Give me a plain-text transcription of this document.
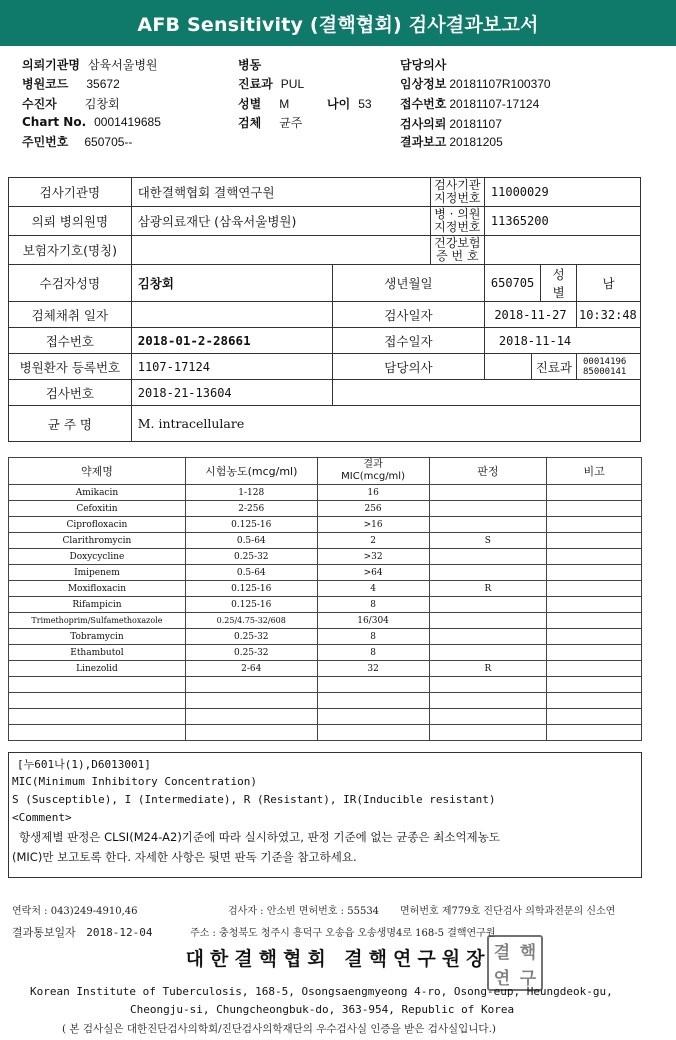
AFB Sensitivity (결핵협회) 검사결과보고서
의뢰기관명 삼육서울병원
병원코드 35672
수진자 김창회
Chart No. 0001419685
주민번호 650705--
병동
진료과 PUL
성별 M	나이 53
검체 균주
담당의사
임상정보 20181107R100370
접수번호 20181107-17124
검사의뢰 20181107
결과보고 20181205
검사기관명	대한결핵협회 결핵연구원		검사기관 지정번호	11000029		
의뢰 병의원명	삼광의료재단 (삼육서울병원)		병 · 의원 지정번호	11365200		
보험자기호(명칭)			건강보험 증 번 호			
수검자성명	김창회	생년월일		650705	성별	남
검체채취 일자		검사일자		2018-11-27		10:32:48
접수번호	2018-01-2-28661	접수일자		2018-11-14		
병원환자 등록번호	1107-17124	담당의사		진료과		00014196
85000141
검사번호	2018-21-13604					
균 주 명	M. intracellulare					
약제명	시험농도(mcg/ml)	결과
MIC(mcg/ml)	판정	비고
Amikacin	1-128	16		
Cefoxitin	2-256	256		
Ciprofloxacin	0.125-16	>16		
Clarithromycin	0.5-64	2	S	
Doxycycline	0.25-32	>32		
Imipenem	0.5-64	>64		
Moxifloxacin	0.125-16	4	R	
Rifampicin	0.125-16	8		
Trimethoprim/Sulfamethoxazole	0.25/4.75-32/608	16/304		
Tobramycin	0.25-32	8		
Ethambutol	0.25-32	8		
Linezolid	2-64	32	R	

[누601나(1),D6013001]
MIC(Minimum Inhibitory Concentration)
S (Susceptible), I (Intermediate), R (Resistant), IR(Inducible resistant)
<Comment>
항생제별 판정은 CLSI(M24-A2)기준에 따라 실시하였고, 판정 기준에 없는 균종은 최소억제농도
(MIC)만 보고토록 한다. 자세한 사항은 뒷면 판독 기준을 참고하세요.
연락처 : 043)249-4910,46	검사자 : 안소빈 면허번호 : 55534 면허번호 제779호 진단검사 의학과전문의 신소연
결과통보일자 2018-12-04	주소 : 충청북도 청주시 흥덕구 오송읍 오송생명4로 168-5 결핵연구원
대한결핵협회 결핵연구원장 결 핵
연 구
Korean Institute of Tuberculosis, 168-5, Osongsaengmyeong 4-ro, Osong-eup, Heungdeok-gu,
Cheongju-si, Chungcheongbuk-do, 363-954, Republic of Korea
( 본 검사실은 대한진단검사의학회/진단검사의학재단의 우수검사실 인증을 받은 검사실입니다.)
